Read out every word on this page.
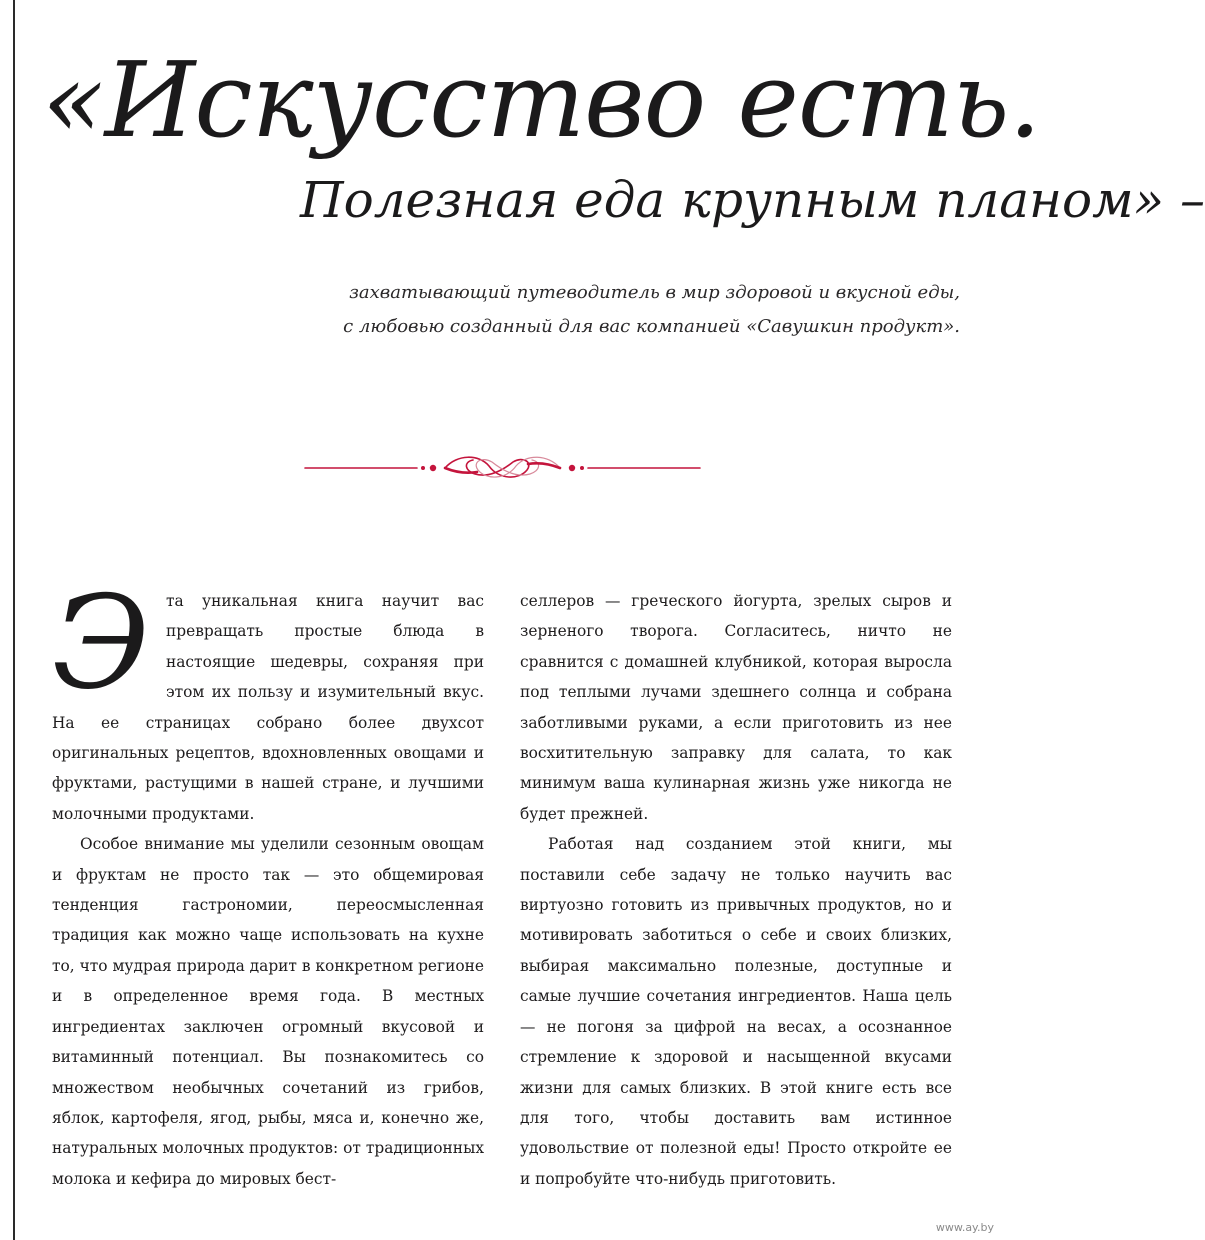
«Искусство есть.
Полезная еда крупным планом» –
захватывающий путеводитель в мир здоровой и вкусной еды,
с любовью созданный для вас компанией «Савушкин продукт».

Э	та уникальная книга научит вас превращать простые блюда в настоящие шедевры, сохраняя при этом их пользу и изумительный вкус. На ее страницах собрано более двухсот оригинальных рецептов, вдохновленных овощами и фруктами, растущими в нашей стране, и лучшими молочными продуктами.

Особое внимание мы уделили сезонным овощам и фруктам не просто так — это общемировая тенденция гастрономии, переосмысленная традиция как можно чаще использовать на кухне то, что мудрая природа дарит в конкретном регионе и в определенное время года. В местных ингредиентах заключен огромный вкусовой и витаминный потенциал. Вы познакомитесь со множеством необычных сочетаний из грибов, яблок, картофеля, ягод, рыбы, мяса и, конечно же, натуральных молочных продуктов: от традиционных молока и кефира до мировых бест-

селлеров — греческого йогурта, зрелых сыров и зерненого творога. Согласитесь, ничто не сравнится с домашней клубникой, которая выросла под теплыми лучами здешнего солнца и собрана заботливыми руками, а если приготовить из нее восхитительную заправку для салата, то как минимум ваша кулинарная жизнь уже никогда не будет прежней.

Работая над созданием этой книги, мы поставили себе задачу не только научить вас виртуозно готовить из привычных продуктов, но и мотивировать заботиться о себе и своих близких, выбирая максимально полезные, доступные и самые лучшие сочетания ингредиентов. Наша цель — не погоня за цифрой на весах, а осознанное стремление к здоровой и насыщенной вкусами жизни для самых близких. В этой книге есть все для того, чтобы доставить вам истинное удовольствие от полезной еды! Просто откройте ее и попробуйте что-нибудь приготовить.

www.ay.by
